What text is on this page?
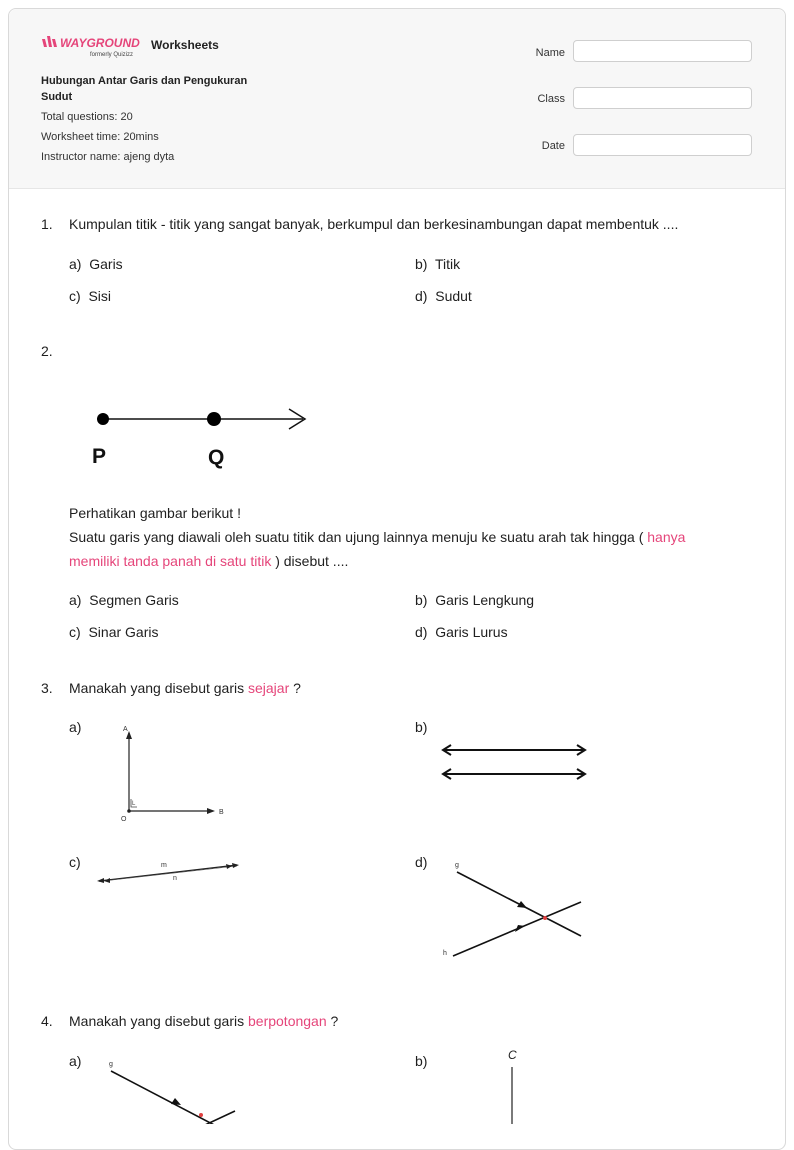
WAYGROUND
formerly Quizizz
Worksheets
Hubungan Antar Garis dan Pengukuran Sudut
Total questions: 20
Worksheet time: 20mins
Instructor name: ajeng dyta
Name
Class
Date
1. Kumpulan titik - titik yang sangat banyak, berkumpul dan berkesinambungan dapat membentuk ....
a) Garis	b) Titik
c) Sisi	d) Sudut
2.
P	Q
Perhatikan gambar berikut !
Suatu garis yang diawali oleh suatu titik dan ujung lainnya menuju ke suatu arah tak hingga ( hanya memiliki tanda panah di satu titik ) disebut ....
a) Segmen Garis	b) Garis Lengkung
c) Sinar Garis	d) Garis Lurus
3. Manakah yang disebut garis sejajar ?
a)	A
O
B
L
b)
c)	m
n
d)	g
h
4. Manakah yang disebut garis berpotongan ?
a)	g	b)	C
